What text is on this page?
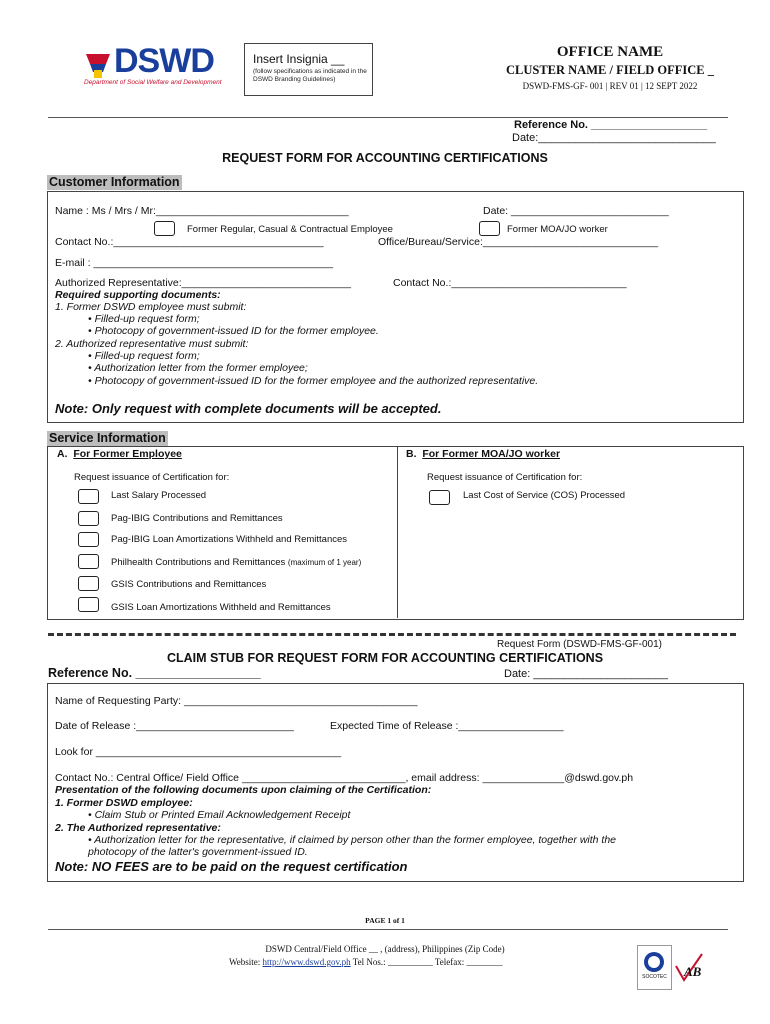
DSWD
Department of Social Welfare and Development
Insert Insignia __
(follow specifications as indicated in the DSWD Branding Guidelines)
OFFICE NAME
CLUSTER NAME / FIELD OFFICE _
DSWD-FMS-GF- 001 | REV 01 | 12 SEPT 2022
Reference No. ___________________
Date:_____________________________
REQUEST FORM FOR ACCOUNTING CERTIFICATIONS
Customer Information
Name : Ms / Mrs / Mr:_________________________________	Date: ___________________________
Former Regular, Casual & Contractual Employee	Former MOA/JO worker
Contact No.:____________________________________	Office/Bureau/Service:______________________________
E-mail : _________________________________________
Authorized Representative:_____________________________	Contact No.:______________________________
Required supporting documents:
1. Former DSWD employee must submit:
• Filled-up request form;
• Photocopy of government-issued ID for the former employee.
2. Authorized representative must submit:
• Filled-up request form;
• Authorization letter from the former employee;
• Photocopy of government-issued ID for the former employee and the authorized representative.
Note: Only request with complete documents will be accepted.
Service Information
A. For Former Employee	B. For Former MOA/JO worker
Request issuance of Certification for:	Request issuance of Certification for:
Last Salary Processed
Pag-IBIG Contributions and Remittances
Pag-IBIG Loan Amortizations Withheld and Remittances
Philhealth Contributions and Remittances (maximum of 1 year)
GSIS Contributions and Remittances
GSIS Loan Amortizations Withheld and Remittances
Last Cost of Service (COS) Processed
Request Form (DSWD-FMS-GF-001)
CLAIM STUB FOR REQUEST FORM FOR ACCOUNTING CERTIFICATIONS
Reference No. __________________	Date: ______________________
Name of Requesting Party: ________________________________________
Date of Release :___________________________	Expected Time of Release :__________________
Look for __________________________________________
Contact No.: Central Office/ Field Office ____________________________, email address: ______________@dswd.gov.ph
Presentation of the following documents upon claiming of the Certification:
1. Former DSWD employee:
• Claim Stub or Printed Email Acknowledgement Receipt
2. The Authorized representative:
• Authorization letter for the representative, if claimed by person other than the former employee, together with the
photocopy of the latter's government-issued ID.
Note: NO FEES are to be paid on the request certification
PAGE 1 of 1
DSWD Central/Field Office __ , (address), Philippines (Zip Code)
Website: http://www.dswd.gov.ph Tel Nos.: __________ Telefax: ________
SOCOTEC	AB
